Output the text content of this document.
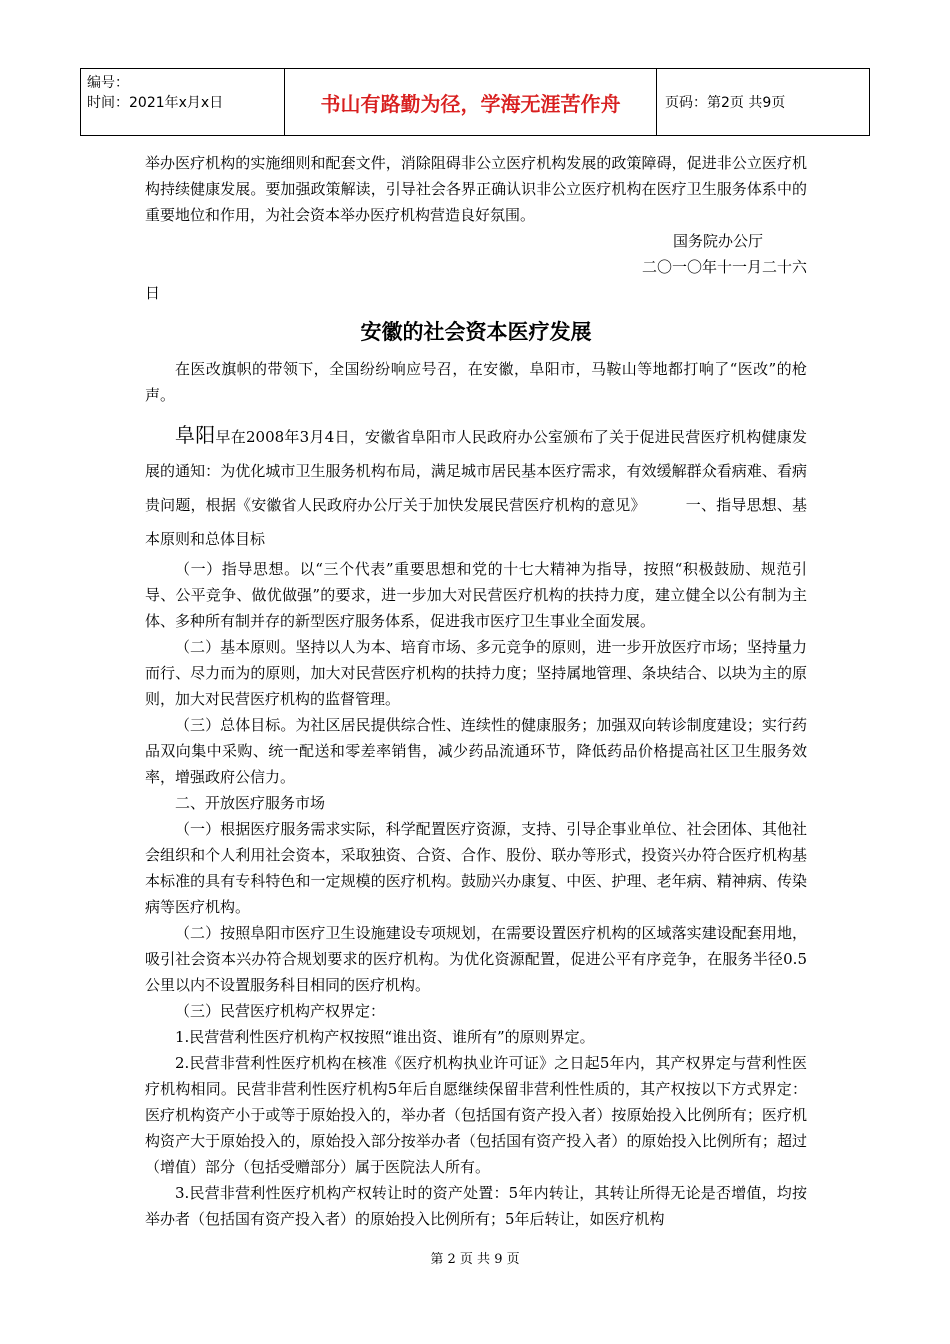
编号：
时间：2021年x月x日	书山有路勤为径，学海无涯苦作舟	页码：第2页 共9页

举办医疗机构的实施细则和配套文件，消除阻碍非公立医疗机构发展的政策障碍，促进非公立医疗机构持续健康发展。要加强政策解读，引导社会各界正确认识非公立医疗机构在医疗卫生服务体系中的重要地位和作用，为社会资本举办医疗机构营造良好氛围。

国务院办公厅

二〇一〇年十一月二十六

日

安徽的社会资本医疗发展

在医改旗帜的带领下，全国纷纷响应号召，在安徽，阜阳市，马鞍山等地都打响了“医改”的枪声。

阜阳早在2008年3月4日，安徽省阜阳市人民政府办公室颁布了关于促进民营医疗机构健康发展的通知：为优化城市卫生服务机构布局，满足城市居民基本医疗需求，有效缓解群众看病难、看病贵问题，根据《安徽省人民政府办公厅关于加快发展民营医疗机构的意见》	一、指导思想、基本原则和总体目标

（一）指导思想。以“三个代表”重要思想和党的十七大精神为指导，按照“积极鼓励、规范引导、公平竞争、做优做强”的要求，进一步加大对民营医疗机构的扶持力度，建立健全以公有制为主体、多种所有制并存的新型医疗服务体系，促进我市医疗卫生事业全面发展。

（二）基本原则。坚持以人为本、培育市场、多元竞争的原则，进一步开放医疗市场；坚持量力而行、尽力而为的原则，加大对民营医疗机构的扶持力度；坚持属地管理、条块结合、以块为主的原则，加大对民营医疗机构的监督管理。

（三）总体目标。为社区居民提供综合性、连续性的健康服务；加强双向转诊制度建设；实行药品双向集中采购、统一配送和零差率销售，减少药品流通环节，降低药品价格提高社区卫生服务效率，增强政府公信力。

二、开放医疗服务市场

（一）根据医疗服务需求实际，科学配置医疗资源，支持、引导企事业单位、社会团体、其他社会组织和个人利用社会资本，采取独资、合资、合作、股份、联办等形式，投资兴办符合医疗机构基本标准的具有专科特色和一定规模的医疗机构。鼓励兴办康复、中医、护理、老年病、精神病、传染病等医疗机构。

（二）按照阜阳市医疗卫生设施建设专项规划，在需要设置医疗机构的区域落实建设配套用地，吸引社会资本兴办符合规划要求的医疗机构。为优化资源配置，促进公平有序竞争，在服务半径0.5公里以内不设置服务科目相同的医疗机构。

（三）民营医疗机构产权界定：

1.民营营利性医疗机构产权按照“谁出资、谁所有”的原则界定。

2.民营非营利性医疗机构在核准《医疗机构执业许可证》之日起5年内，其产权界定与营利性医疗机构相同。民营非营利性医疗机构5年后自愿继续保留非营利性性质的，其产权按以下方式界定：医疗机构资产小于或等于原始投入的，举办者（包括国有资产投入者）按原始投入比例所有；医疗机构资产大于原始投入的，原始投入部分按举办者（包括国有资产投入者）的原始投入比例所有；超过（增值）部分（包括受赠部分）属于医院法人所有。

3.民营非营利性医疗机构产权转让时的资产处置：5年内转让，其转让所得无论是否增值，均按举办者（包括国有资产投入者）的原始投入比例所有；5年后转让，如医疗机构

第 2 页 共 9 页
